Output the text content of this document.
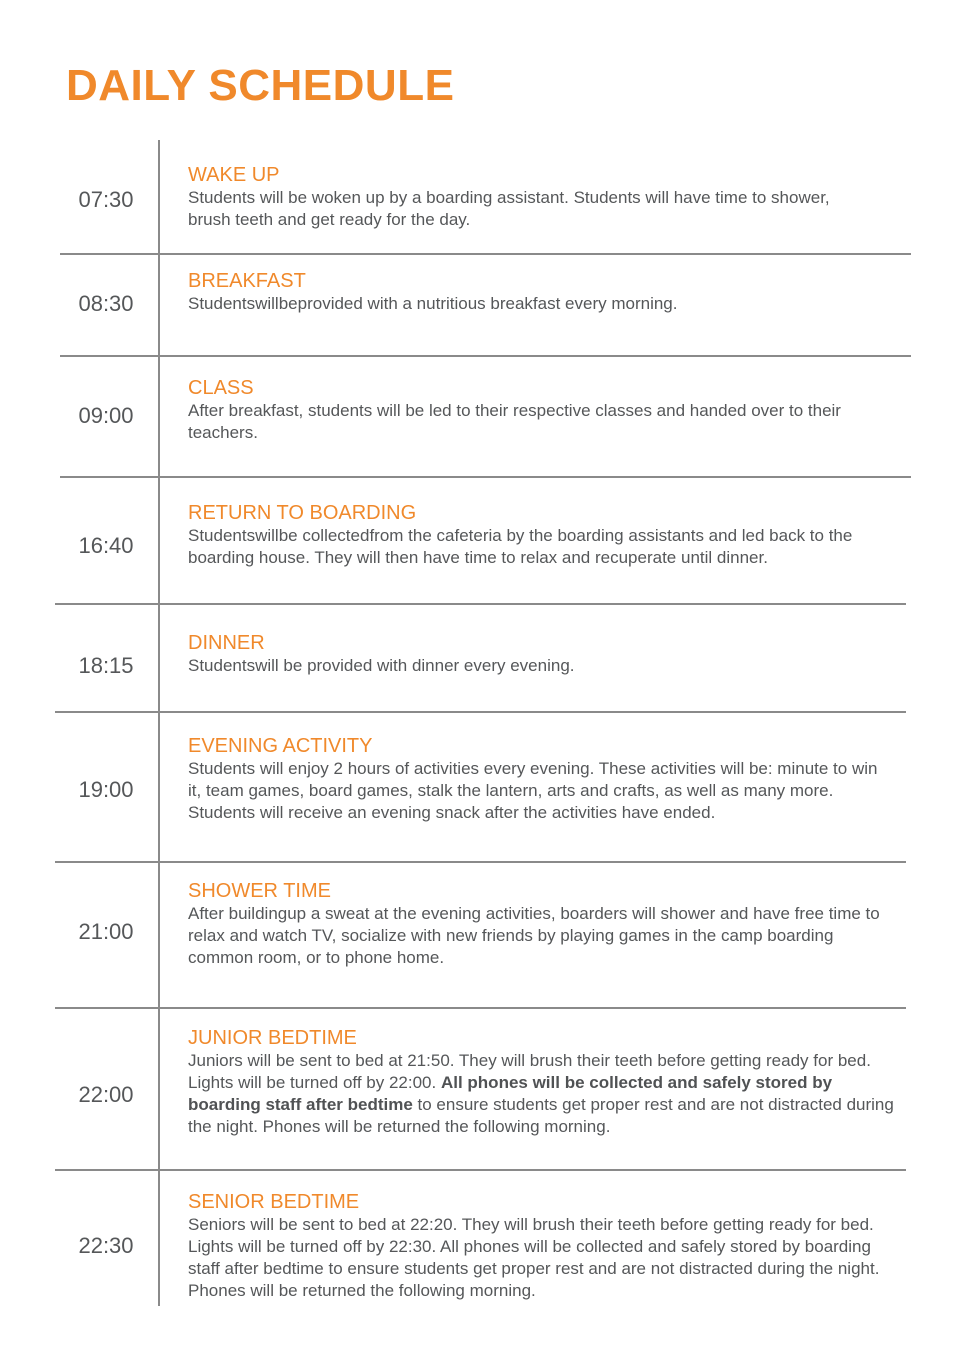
DAILY SCHEDULE
07:30

WAKE UP

Students will be woken up by a boarding assistant. Students will have time to shower, brush teeth and get ready for the day.

08:30

BREAKFAST

Studentswillbeprovided with a nutritious breakfast every morning.

09:00

CLASS

After breakfast, students will be led to their respective classes and handed over to their teachers.

16:40

RETURN TO BOARDING

Studentswillbe collectedfrom the cafeteria by the boarding assistants and led back to the boarding house. They will then have time to relax and recuperate until dinner.

18:15

DINNER

Studentswill be provided with dinner every evening.

19:00

EVENING ACTIVITY

Students will enjoy 2 hours of activities every evening. These activities will be: minute to win it, team games, board games, stalk the lantern, arts and crafts, as well as many more. Students will receive an evening snack after the activities have ended.

21:00

SHOWER TIME

After buildingup a sweat at the evening activities, boarders will shower and have free time to relax and watch TV, socialize with new friends by playing games in the camp boarding common room, or to phone home.

22:00

JUNIOR BEDTIME

Juniors will be sent to bed at 21:50. They will brush their teeth before getting ready for bed. Lights will be turned off by 22:00. All phones will be collected and safely stored by boarding staff after bedtime to ensure students get proper rest and are not distracted during the night. Phones will be returned the following morning.

22:30

SENIOR BEDTIME

Seniors will be sent to bed at 22:20. They will brush their teeth before getting ready for bed. Lights will be turned off by 22:30. All phones will be collected and safely stored by boarding staff after bedtime to ensure students get proper rest and are not distracted during the night. Phones will be returned the following morning.
